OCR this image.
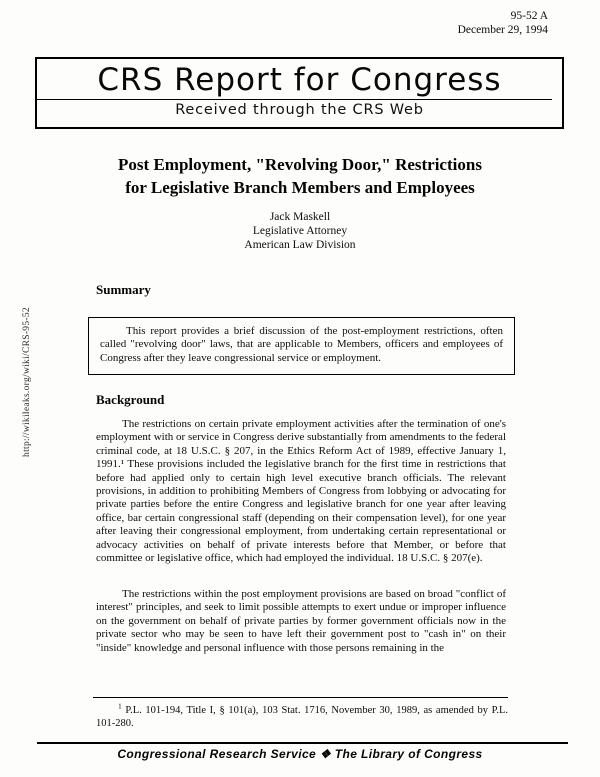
95-52 A
December 29, 1994
CRS Report for Congress
Received through the CRS Web
http://wikileaks.org/wiki/CRS-95-52
Post Employment, "Revolving Door," Restrictions
for Legislative Branch Members and Employees
Jack Maskell
Legislative Attorney
American Law Division
Summary
This report provides a brief discussion of the post-employment restrictions, often called "revolving door" laws, that are applicable to Members, officers and employees of Congress after they leave congressional service or employment.
Background
The restrictions on certain private employment activities after the termination of one's employment with or service in Congress derive substantially from amendments to the federal criminal code, at 18 U.S.C. § 207, in the Ethics Reform Act of 1989, effective January 1, 1991.¹ These provisions included the legislative branch for the first time in restrictions that before had applied only to certain high level executive branch officials. The relevant provisions, in addition to prohibiting Members of Congress from lobbying or advocating for private parties before the entire Congress and legislative branch for one year after leaving office, bar certain congressional staff (depending on their compensation level), for one year after leaving their congressional employment, from undertaking certain representational or advocacy activities on behalf of private interests before that Member, or before that committee or legislative office, which had employed the individual. 18 U.S.C. § 207(e).
The restrictions within the post employment provisions are based on broad "conflict of interest" principles, and seek to limit possible attempts to exert undue or improper influence on the government on behalf of private parties by former government officials now in the private sector who may be seen to have left their government post to "cash in" on their "inside" knowledge and personal influence with those persons remaining in the
$^1$ P.L. 101-194, Title I, § 101(a), 103 Stat. 1716, November 30, 1989, as amended by P.L. 101-280.
Congressional Research Service ❖ The Library of Congress
